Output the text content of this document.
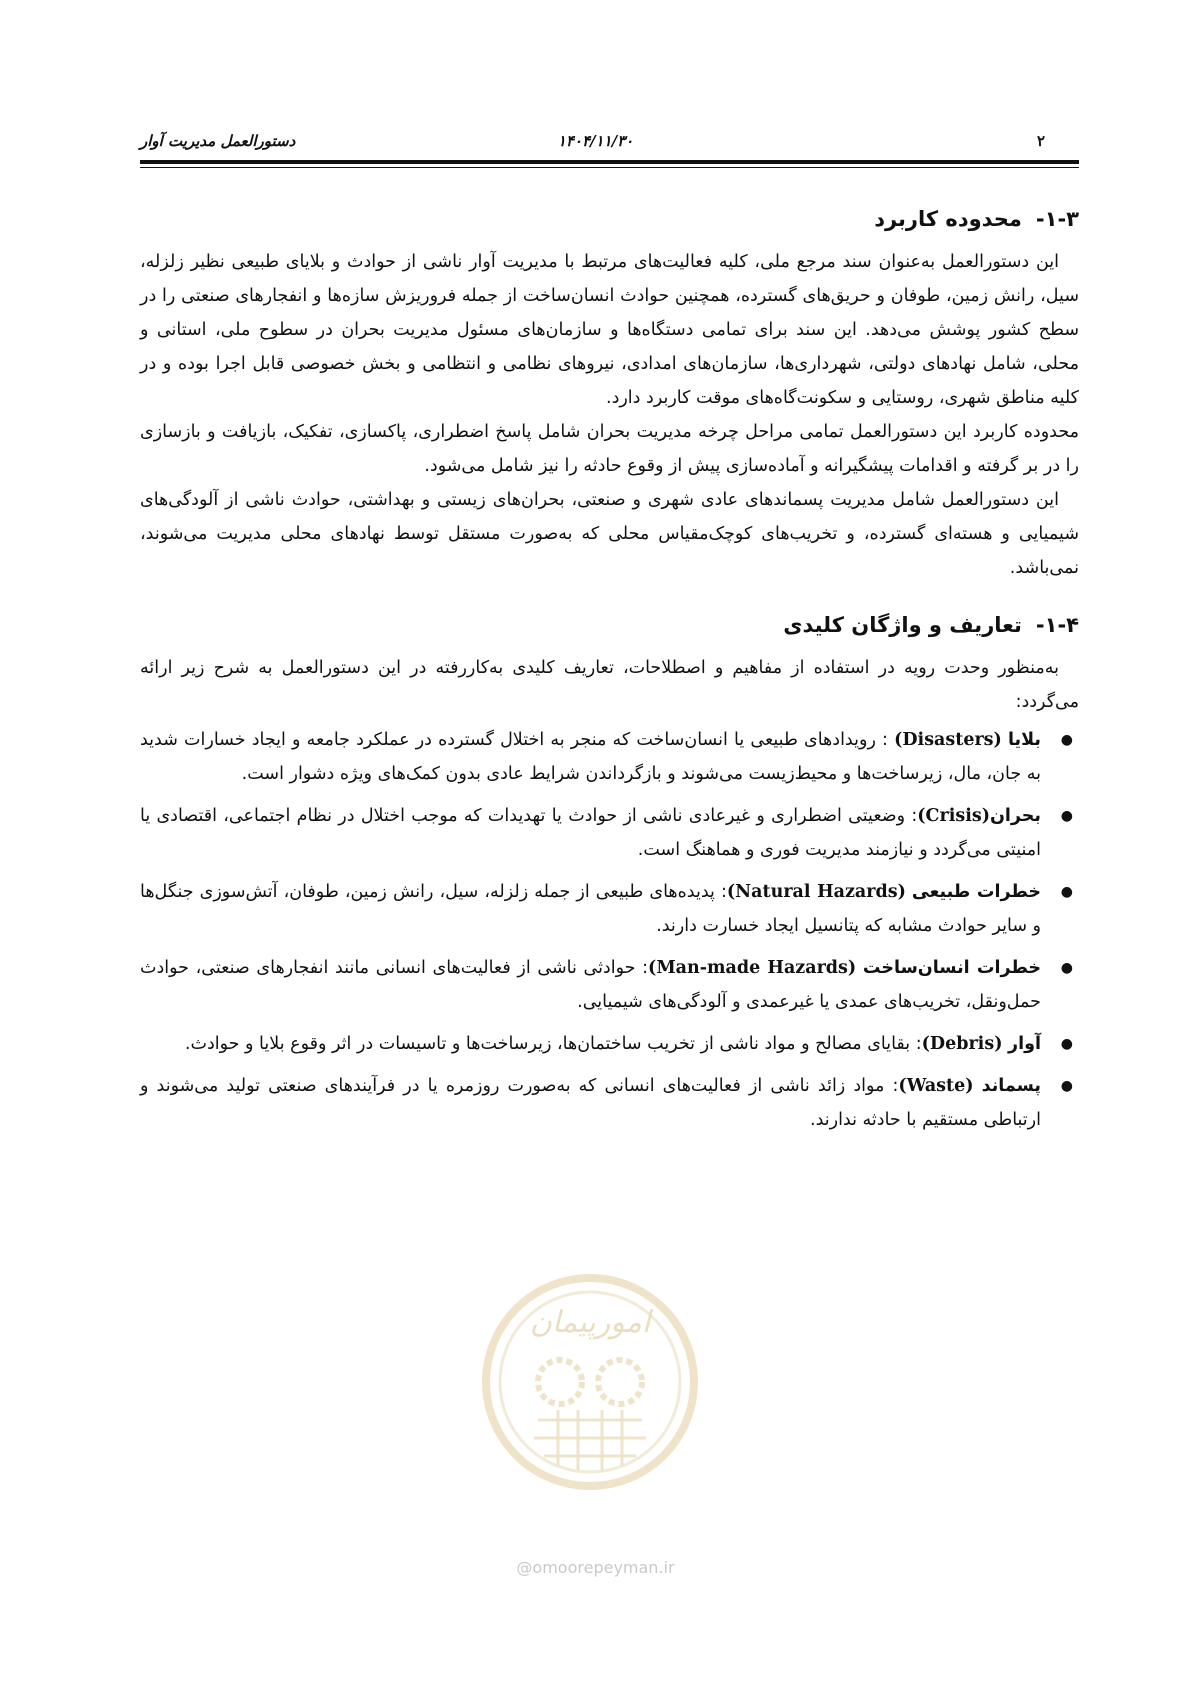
۲
۱۴۰۴/۱۱/۳۰
دستورالعمل مدیریت آوار
۱-۳-محدوده کاربرد

این دستورالعمل به‌عنوان سند مرجع ملی، کلیه فعالیت‌های مرتبط با مدیریت آوار ناشی از حوادث و بلایای طبیعی نظیر زلزله، سیل، رانش زمین، طوفان و حریق‌های گسترده، همچنین حوادث انسان‌ساخت از جمله فروریزش سازه‌ها و انفجارهای صنعتی را در سطح کشور پوشش می‌دهد. این سند برای تمامی دستگاه‌ها و سازمان‌های مسئول مدیریت بحران در سطوح ملی، استانی و محلی، شامل نهادهای دولتی، شهرداری‌ها، سازمان‌های امدادی، نیروهای نظامی و انتظامی و بخش خصوصی قابل اجرا بوده و در کلیه مناطق شهری، روستایی و سکونت‌گاه‌های موقت کاربرد دارد.

محدوده کاربرد این دستورالعمل تمامی مراحل چرخه مدیریت بحران شامل پاسخ اضطراری، پاکسازی، تفکیک، بازیافت و بازسازی را در بر گرفته و اقدامات پیشگیرانه و آماده‌سازی پیش از وقوع حادثه را نیز شامل می‌شود.

این دستورالعمل شامل مدیریت پسماندهای عادی شهری و صنعتی، بحران‌های زیستی و بهداشتی، حوادث ناشی از آلودگی‌های شیمیایی و هسته‌ای گسترده، و تخریب‌های کوچک‌مقیاس محلی که به‌صورت مستقل توسط نهادهای محلی مدیریت می‌شوند، نمی‌باشد.

۱-۴-تعاریف و واژگان کلیدی

به‌منظور وحدت رویه در استفاده از مفاهیم و اصطلاحات، تعاریف کلیدی به‌کاررفته در این دستورالعمل به شرح زیر ارائه می‌گردد:

●
بلایا (Disasters) : رویدادهای طبیعی یا انسان‌ساخت که منجر به اختلال گسترده در عملکرد جامعه و ایجاد خسارات شدید به جان، مال، زیرساخت‌ها و محیط‌زیست می‌شوند و بازگرداندن شرایط عادی بدون کمک‌های ویژه دشوار است.
●
بحران(Crisis): وضعیتی اضطراری و غیرعادی ناشی از حوادث یا تهدیدات که موجب اختلال در نظام اجتماعی، اقتصادی یا امنیتی می‌گردد و نیازمند مدیریت فوری و هماهنگ است.
●
خطرات طبیعی (Natural Hazards): پدیده‌های طبیعی از جمله زلزله، سیل، رانش زمین، طوفان، آتش‌سوزی جنگل‌ها و سایر حوادث مشابه که پتانسیل ایجاد خسارت دارند.
●
خطرات انسان‌ساخت (Man-made Hazards): حوادثی ناشی از فعالیت‌های انسانی مانند انفجارهای صنعتی، حوادث حمل‌ونقل، تخریب‌های عمدی یا غیرعمدی و آلودگی‌های شیمیایی.
●
آوار (Debris): بقایای مصالح و مواد ناشی از تخریب ساختمان‌ها، زیرساخت‌ها و تاسیسات در اثر وقوع بلایا و حوادث.
●
پسماند (Waste): مواد زائد ناشی از فعالیت‌های انسانی که به‌صورت روزمره یا در فرآیندهای صنعتی تولید می‌شوند و ارتباطی مستقیم با حادثه ندارند.
امورپیمان
@omoorepeyman.ir
